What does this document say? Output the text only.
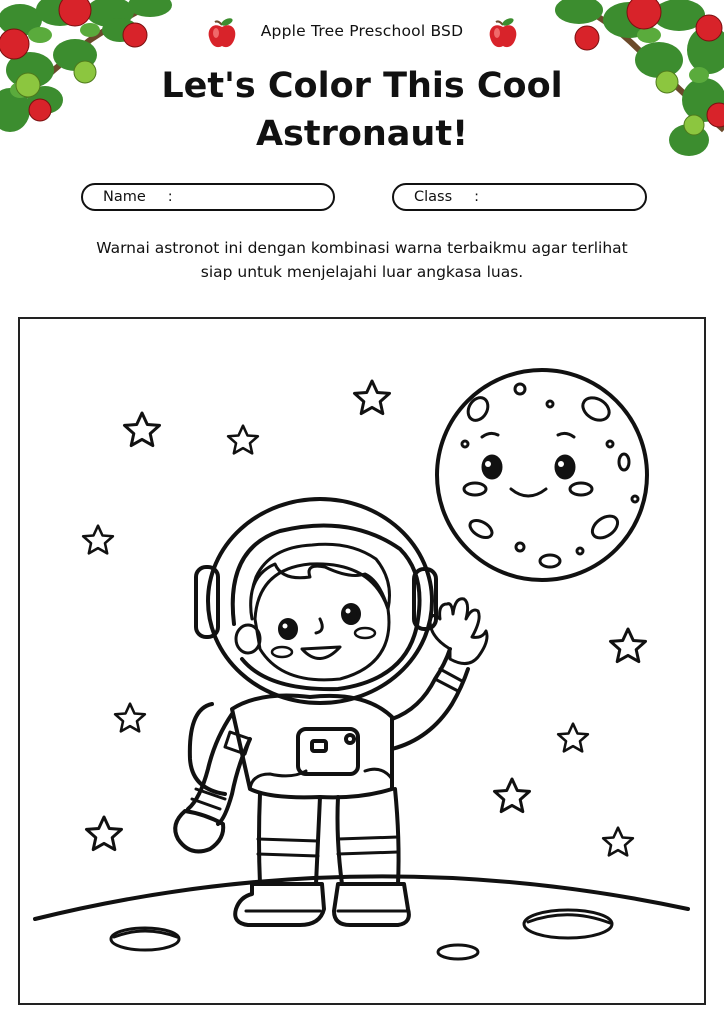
Apple Tree Preschool BSD
Let's Color This Cool
Astronaut!
Name :	Class :
Warnai astronot ini dengan kombinasi warna terbaikmu agar terlihat
siap untuk menjelajahi luar angkasa luas.
